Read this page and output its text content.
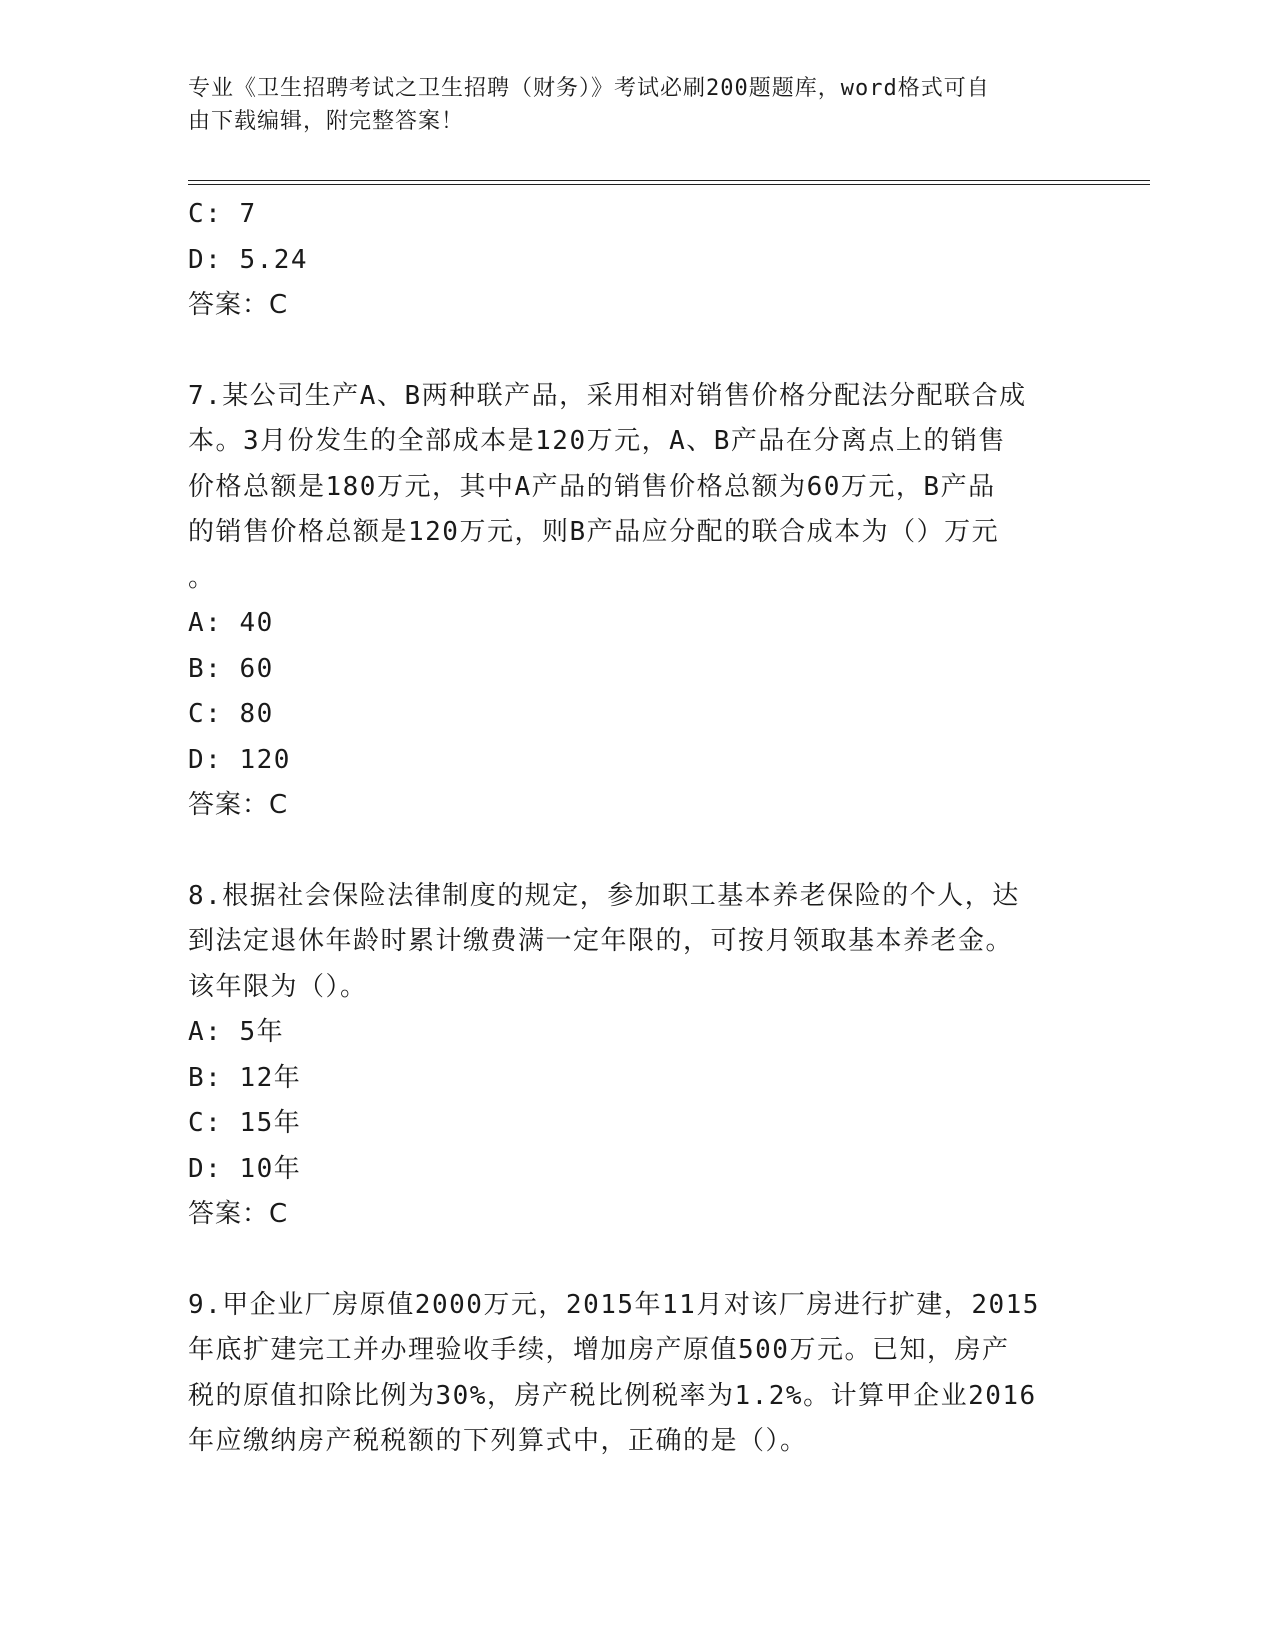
专业《卫生招聘考试之卫生招聘（财务）》考试必刷200题题库，word格式可自
由下载编辑，附完整答案！
C: 7
D: 5.24
答案：C
7.某公司生产A、B两种联产品，采用相对销售价格分配法分配联合成
本。3月份发生的全部成本是120万元，A、B产品在分离点上的销售
价格总额是180万元，其中A产品的销售价格总额为60万元，B产品
的销售价格总额是120万元，则B产品应分配的联合成本为（）万元
。
A: 40
B: 60
C: 80
D: 120
答案：C
8.根据社会保险法律制度的规定，参加职工基本养老保险的个人，达
到法定退休年龄时累计缴费满一定年限的，可按月领取基本养老金。
该年限为（）。
A: 5年
B: 12年
C: 15年
D: 10年
答案：C
9.甲企业厂房原值2000万元，2015年11月对该厂房进行扩建，2015
年底扩建完工并办理验收手续，增加房产原值500万元。已知，房产
税的原值扣除比例为30%，房产税比例税率为1.2%。计算甲企业2016
年应缴纳房产税税额的下列算式中，正确的是（）。
